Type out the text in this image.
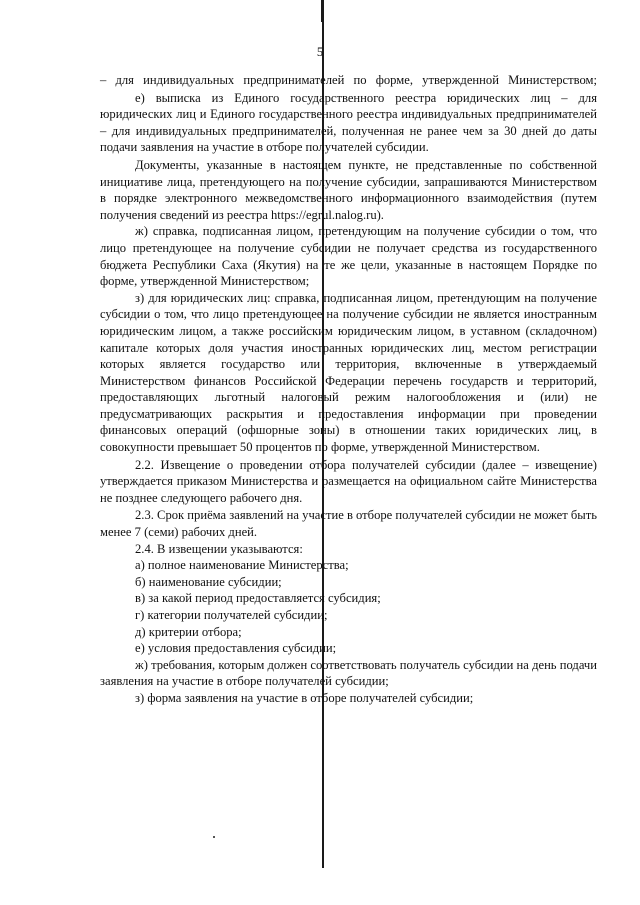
5

– для индивидуальных предпринимателей по форме, утвержденной Министерством;

е) выписка из Единого государственного реестра юридических лиц – для юридических лиц и Единого государственного реестра индивидуальных предпринимателей – для индивидуальных предпринимателей, полученная не ранее чем за 30 дней до даты подачи заявления на участие в отборе получателей субсидии.

Документы, указанные в настоящем пункте, не представленные по собственной инициативе лица, претендующего на получение субсидии, запрашиваются Министерством в порядке электронного межведомственного информационного взаимодействия (путем получения сведений из реестра https://egrul.nalog.ru).

ж) справка, подписанная лицом, претендующим на получение субсидии о том, что лицо претендующее на получение субсидии не получает средства из государственного бюджета Республики Саха (Якутия) на те же цели, указанные в настоящем Порядке по форме, утвержденной Министерством;

з) для юридических лиц: справка, подписанная лицом, претендующим на получение субсидии о том, что лицо претендующее на получение субсидии не является иностранным юридическим лицом, а также российским юридическим лицом, в уставном (складочном) капитале которых доля участия иностранных юридических лиц, местом регистрации которых является государство или территория, включенные в утверждаемый Министерством финансов Российской Федерации перечень государств и территорий, предоставляющих льготный налоговый режим налогообложения и (или) не предусматривающих раскрытия и предоставления информации при проведении финансовых операций (офшорные зоны) в отношении таких юридических лиц, в совокупности превышает 50 процентов по форме, утвержденной Министерством.

2.2. Извещение о проведении отбора получателей субсидии (далее – извещение) утверждается приказом Министерства и размещается на официальном сайте Министерства не позднее следующего рабочего дня.

2.3. Срок приёма заявлений на участие в отборе получателей субсидии не может быть менее 7 (семи) рабочих дней.

2.4. В извещении указываются:

а) полное наименование Министерства;

б) наименование субсидии;

в) за какой период предоставляется субсидия;

г) категории получателей субсидии;

д) критерии отбора;

е) условия предоставления субсидии;

ж) требования, которым должен соответствовать получатель субсидии на день подачи заявления на участие в отборе получателей субсидии;

з) форма заявления на участие в отборе получателей субсидии;
